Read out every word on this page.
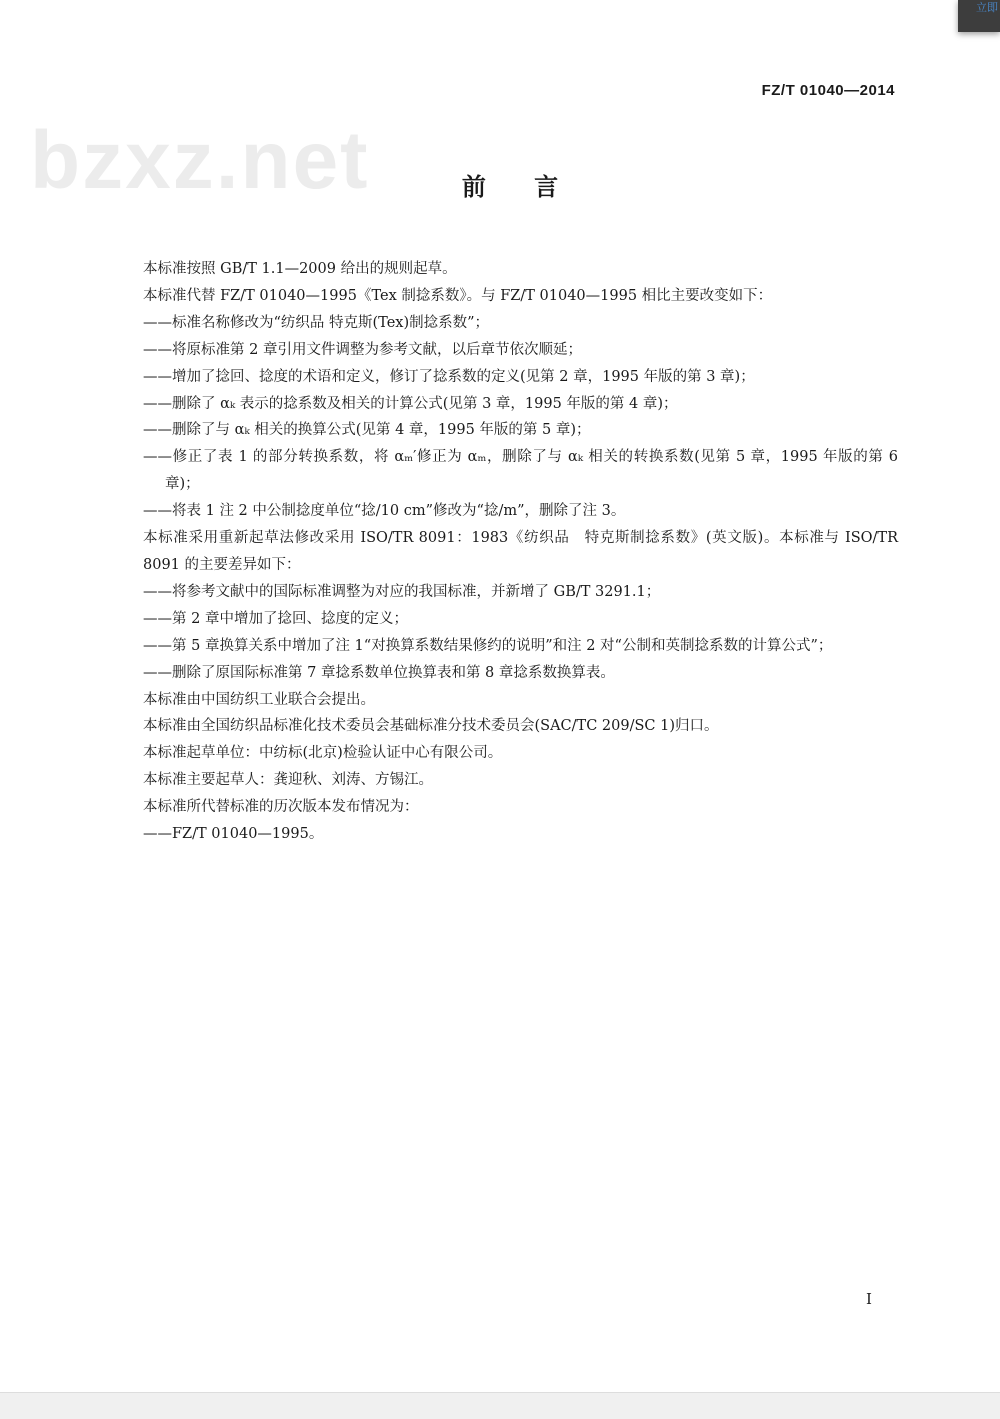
立即
FZ/T 01040—2014
bzxz.net	前 言
本标准按照 GB/T 1.1—2009 给出的规则起草。
本标准代替 FZ/T 01040—1995《Tex 制捻系数》。与 FZ/T 01040—1995 相比主要改变如下：
——标准名称修改为“纺织品 特克斯(Tex)制捻系数”；
——将原标准第 2 章引用文件调整为参考文献，以后章节依次顺延；
——增加了捻回、捻度的术语和定义，修订了捻系数的定义(见第 2 章，1995 年版的第 3 章)；
——删除了 αₖ 表示的捻系数及相关的计算公式(见第 3 章，1995 年版的第 4 章)；
——删除了与 αₖ 相关的换算公式(见第 4 章，1995 年版的第 5 章)；
——修正了表 1 的部分转换系数，将 αₘ′修正为 αₘ，删除了与 αₖ 相关的转换系数(见第 5 章，1995 年版的第 6 章)；
——将表 1 注 2 中公制捻度单位“捻/10 cm”修改为“捻/m”，删除了注 3。
本标准采用重新起草法修改采用 ISO/TR 8091：1983《纺织品　特克斯制捻系数》(英文版)。本标准与 ISO/TR 8091 的主要差异如下：
——将参考文献中的国际标准调整为对应的我国标准，并新增了 GB/T 3291.1；
——第 2 章中增加了捻回、捻度的定义；
——第 5 章换算关系中增加了注 1“对换算系数结果修约的说明”和注 2 对“公制和英制捻系数的计算公式”；
——删除了原国际标准第 7 章捻系数单位换算表和第 8 章捻系数换算表。
本标准由中国纺织工业联合会提出。
本标准由全国纺织品标准化技术委员会基础标准分技术委员会(SAC/TC 209/SC 1)归口。
本标准起草单位：中纺标(北京)检验认证中心有限公司。
本标准主要起草人：龚迎秋、刘涛、方锡江。
本标准所代替标准的历次版本发布情况为：
——FZ/T 01040—1995。
I
